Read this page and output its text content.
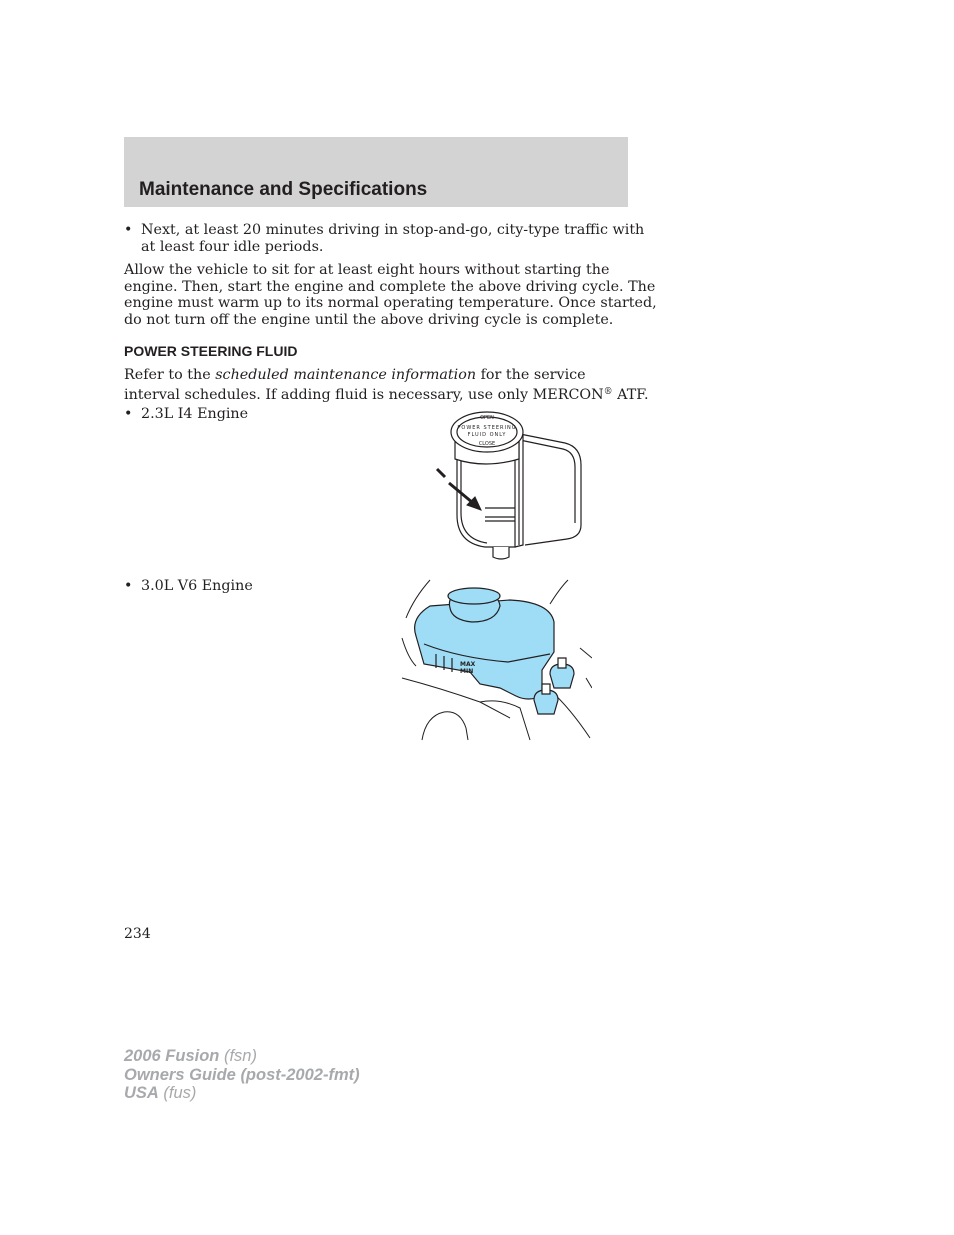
Maintenance and Specifications
• Next, at least 20 minutes driving in stop-and-go, city-type traffic with
at least four idle periods.
Allow the vehicle to sit for at least eight hours without starting the
engine. Then, start the engine and complete the above driving cycle. The
engine must warm up to its normal operating temperature. Once started,
do not turn off the engine until the above driving cycle is complete.
POWER STEERING FLUID
Refer to the scheduled maintenance information for the service
interval schedules. If adding fluid is necessary, use only MERCON® ATF.
• 2.3L I4 Engine
• 3.0L V6 Engine
OPEN
POWER STEERING
FLUID ONLY
CLOSE
MAX
MIN
234
2006 Fusion (fsn)
Owners Guide (post-2002-fmt)
USA (fus)
